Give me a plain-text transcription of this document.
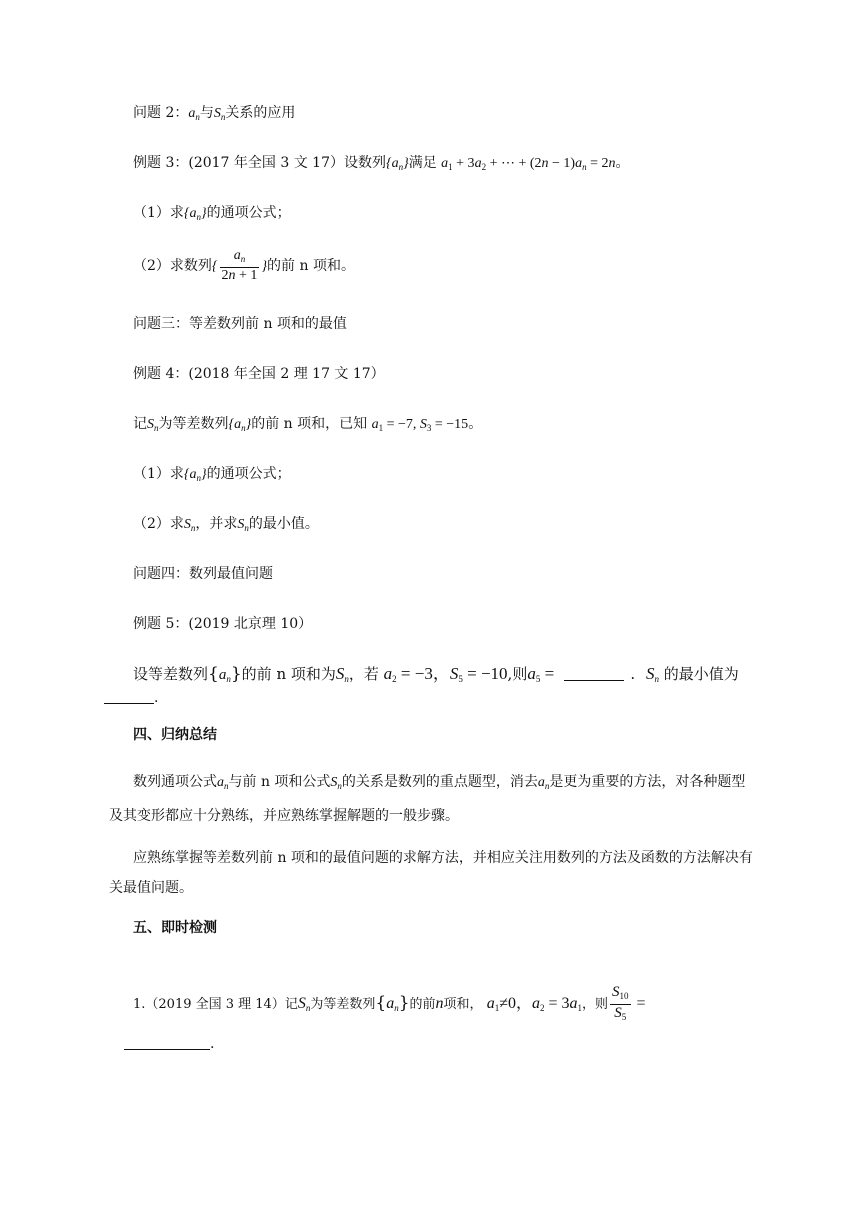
问题 2：$a_n$与$S_n$关系的应用
例题 3：(2017 年全国 3 文 17）设数列$\{a_n\}$满足 $a_1 + 3a_2$ + ⋯ + $(2n - 1)a_n = 2n$。
（1）求$\{a_n\}$的通项公式；
（2）求数列{ $\frac{a_n}{2n + 1}$ }的前 n 项和。
问题三：等差数列前 n 项和的最值
例题 4：(2018 年全国 2 理 17 文 17）
记$S_n$为等差数列$\{a_n\}$的前 n 项和，已知 $a_1 = -7$, $S_3 = -15$。
（1）求$\{a_n\}$的通项公式；
（2）求$S_n$，并求$S_n$的最小值。
问题四：数列最值问题
例题 5：(2019 北京理 10）
设等差数列$\{a_n\}$的前 n 项和为$S_n$，若 $a_2 = -3$，$S_5 = -10$,则$a_5$ =	. $S_n$ 的最小值为
.
四、归纳总结
数列通项公式$a_n$与前 n 项和公式$S_n$的关系是数列的重点题型，消去$a_n$是更为重要的方法，对各种题型及其变形都应十分熟练，并应熟练掌握解题的一般步骤。
应熟练掌握等差数列前 n 项和的最值问题的求解方法，并相应关注用数列的方法及函数的方法解决有关最值问题。
五、即时检测
1.（2019 全国 3 理 14）记$S_n$为等差数列$\{a_n\}$的前n项和， $a_1\ne 0$，$a_2 = 3a_1$，则 $\frac{S_{10}}{S_5}$ =
.
